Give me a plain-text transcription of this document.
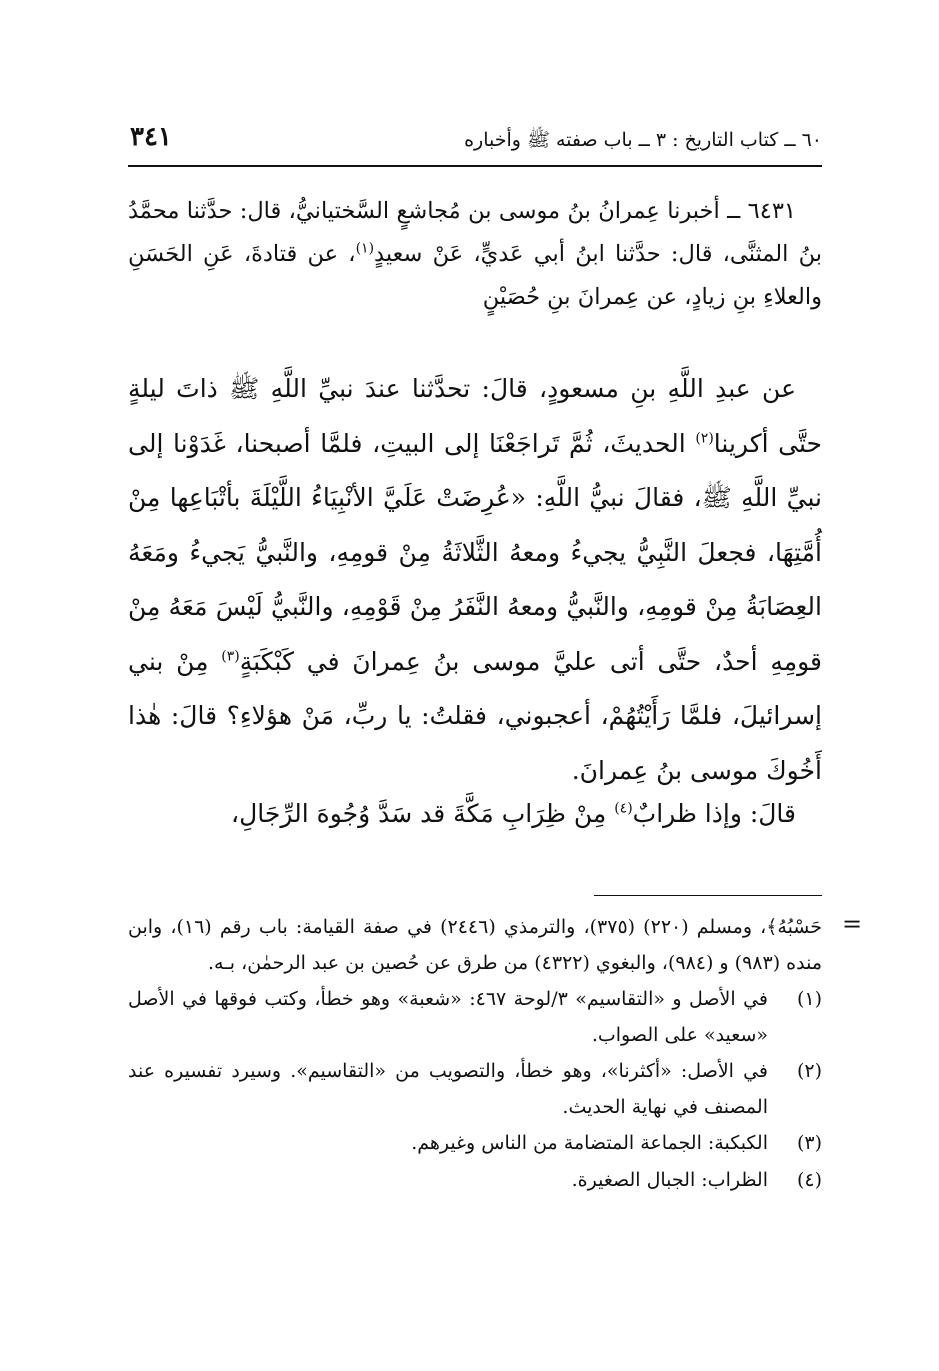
٦٠ ــ كتاب التاريخ : ٣ ــ باب صفته ﷺ وأخباره
٣٤١

٦٤٣١ ــ أخبرنا عِمرانُ بنُ موسى بن مُجاشعٍ السَّختيانيُّ، قال: حدَّثنا محمَّدُ بنُ المثنَّى، قال: حدَّثنا ابنُ أبي عَديٍّ، عَنْ سعيدٍ$^{(١)}$، عن قتادةَ، عَنِ الحَسَنِ والعلاءِ بنِ زيادٍ، عن عِمرانَ بنِ حُصَيْنٍ

عن عبدِ اللَّهِ بنِ مسعودٍ، قالَ: تحدَّثنا عندَ نبيِّ اللَّهِ ﷺ ذاتَ ليلةٍ حتَّى أكرينا$^{(٢)}$ الحديثَ، ثُمَّ تَراجَعْنَا إلى البيتِ، فلمَّا أصبحنا، غَدَوْنا إلى نبيِّ اللَّهِ ﷺ، فقالَ نبيُّ اللَّهِ: «عُرِضَتْ عَلَيَّ الأنْبِيَاءُ اللَّيْلَةَ بأتْبَاعِها مِنْ أُمَّتِهَا، فجعلَ النَّبِيُّ يجيءُ ومعهُ الثَّلاثَةُ مِنْ قومِهِ، والنَّبيُّ يَجيءُ ومَعَهُ العِصَابَةُ مِنْ قومِهِ، والنَّبيُّ ومعهُ النَّفَرُ مِنْ قَوْمِهِ، والنَّبيُّ لَيْسَ مَعَهُ مِنْ قومِهِ أحدٌ، حتَّى أتى عليَّ موسى بنُ عِمرانَ في كَبْكَبَةٍ$^{(٣)}$ مِنْ بني إسرائيلَ، فلمَّا رَأَيْتُهُمْ، أعجبوني، فقلتُ: يا ربِّ، مَنْ هؤلاءِ؟ قالَ: هٰذا أَخُوكَ موسى بنُ عِمرانَ.

قالَ: وإذا ظرابٌ$^{(٤)}$ مِنْ ظِرَابِ مَكَّةَ قد سَدَّ وُجُوهَ الرِّجَالِ،

=

حَسْبُهُ﴾، ومسلم (٢٢٠) (٣٧٥)، والترمذي (٢٤٤٦) في صفة القيامة: باب رقم (١٦)، وابن منده (٩٨٣) و (٩٨٤)، والبغوي (٤٣٢٢) من طرق عن حُصين بن عبد الرحمٰن، بـه.

(١)
في الأصل و «التقاسيم» ٣/لوحة ٤٦٧: «شعبة» وهو خطأ، وكتب فوقها في الأصل «سعيد» على الصواب.
(٢)
في الأصل: «أكثرنا»، وهو خطأ، والتصويب من «التقاسيم». وسيرد تفسيره عند المصنف في نهاية الحديث.
(٣)
الكبكبة: الجماعة المتضامة من الناس وغيرهم.
(٤)
الظراب: الجبال الصغيرة.
